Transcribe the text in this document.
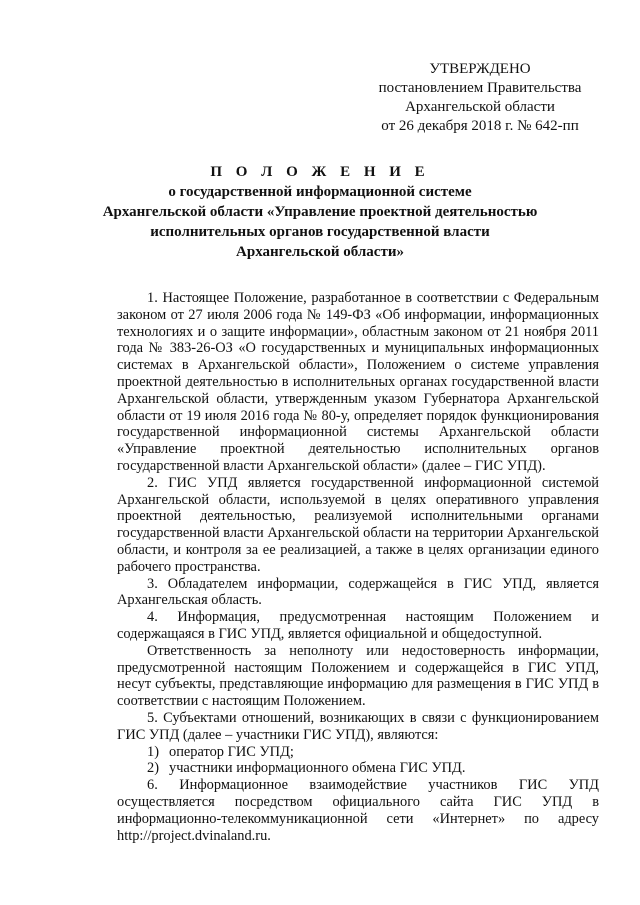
УТВЕРЖДЕНО
постановлением Правительства
Архангельской области
от 26 декабря 2018 г. № 642-пп
П О Л О Ж Е Н И Е
о государственной информационной системе
Архангельской области «Управление проектной деятельностью
исполнительных органов государственной власти
Архангельской области»

1. Настоящее Положение, разработанное в соответствии с Федеральным законом от 27 июля 2006 года № 149-ФЗ «Об информации, информационных технологиях и о защите информации», областным законом от 21 ноября 2011 года № 383-26-ОЗ «О государственных и муниципальных информационных системах в Архангельской области», Положением о системе управления проектной деятельностью в исполнительных органах государственной власти Архангельской области, утвержденным указом Губернатора Архангельской области от 19 июля 2016 года № 80-у, определяет порядок функционирования государственной информационной системы Архангельской области «Управление проектной деятельностью исполнительных органов государственной власти Архангельской области» (далее – ГИС УПД).

2. ГИС УПД является государственной информационной системой Архангельской области, используемой в целях оперативного управления проектной деятельностью, реализуемой исполнительными органами государственной власти Архангельской области на территории Архангельской области, и контроля за ее реализацией, а также в целях организации единого рабочего пространства.

3. Обладателем информации, содержащейся в ГИС УПД, является Архангельская область.

4. Информация, предусмотренная настоящим Положением и содержащаяся в ГИС УПД, является официальной и общедоступной.

Ответственность за неполноту или недостоверность информации, предусмотренной настоящим Положением и содержащейся в ГИС УПД, несут субъекты, представляющие информацию для размещения в ГИС УПД в соответствии с настоящим Положением.

5. Субъектами отношений, возникающих в связи с функционированием ГИС УПД (далее – участники ГИС УПД), являются:

1) оператор ГИС УПД;
2) участники информационного обмена ГИС УПД.

6. Информационное взаимодействие участников ГИС УПД осуществляется посредством официального сайта ГИС УПД в информационно-телекоммуникационной сети «Интернет» по адресу http://project.dvinaland.ru.
